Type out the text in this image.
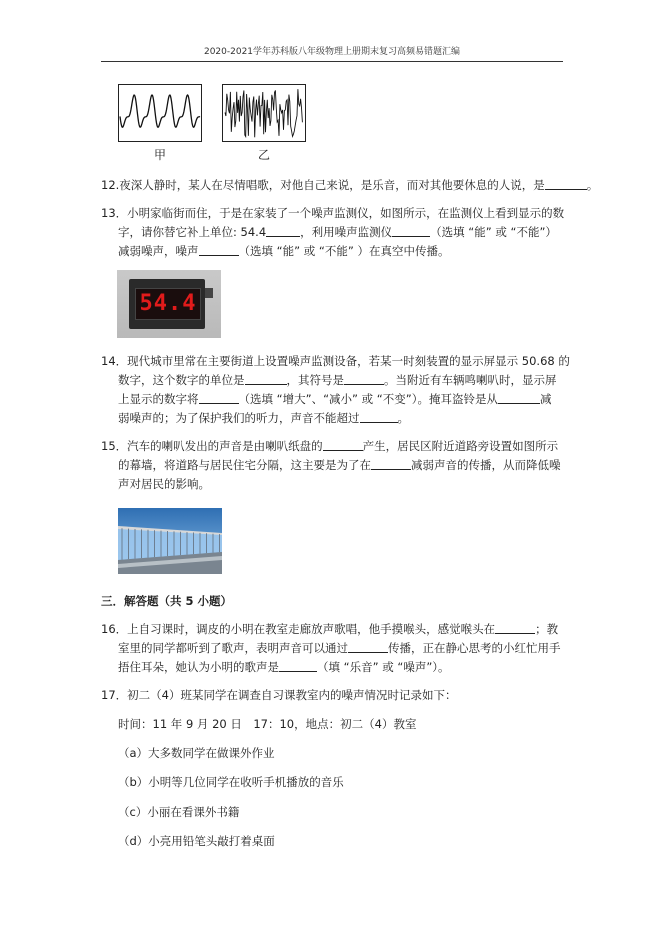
2020-2021学年苏科版八年级物理上册期末复习高频易错题汇编
甲	乙
12.夜深人静时，某人在尽情唱歌，对他自己来说，是乐音，而对其他要休息的人说，是	。
13．小明家临街而住，于是在家装了一个噪声监测仪，如图所示，在监测仪上看到显示的数
字，请你替它补上单位: 54.4	，利用噪声监测仪	（选填 “能” 或 “不能”）
减弱噪声，噪声	（选填 “能” 或 “不能” ）在真空中传播。
54.4
14．现代城市里常在主要街道上设置噪声监测设备，若某一时刻装置的显示屏显示 50.68 的
数字，这个数字的单位是	，其符号是	。当附近有车辆鸣喇叭时，显示屏
上显示的数字将	（选填 “增大”、“减小” 或 “不变”）。掩耳盗铃是从	减
弱噪声的；为了保护我们的听力，声音不能超过	。
15．汽车的喇叭发出的声音是由喇叭纸盘的	产生，居民区附近道路旁设置如图所示
的幕墙，将道路与居民住宅分隔，这主要是为了在	减弱声音的传播，从而降低噪
声对居民的影响。
三．解答题（共 5 小题）
16．上自习课时，调皮的小明在教室走廊放声歌唱，他手摸喉头，感觉喉头在	；教
室里的同学都听到了歌声，表明声音可以通过	传播，正在静心思考的小红忙用手
捂住耳朵，她认为小明的歌声是	（填 “乐音” 或 “噪声”）。
17．初二（4）班某同学在调查自习课教室内的噪声情况时记录如下：
时间：11 年 9 月 20 日　17：10，地点：初二（4）教室
（a）大多数同学在做课外作业
（b）小明等几位同学在收听手机播放的音乐
（c）小丽在看课外书籍
（d）小亮用铅笔头敲打着桌面
